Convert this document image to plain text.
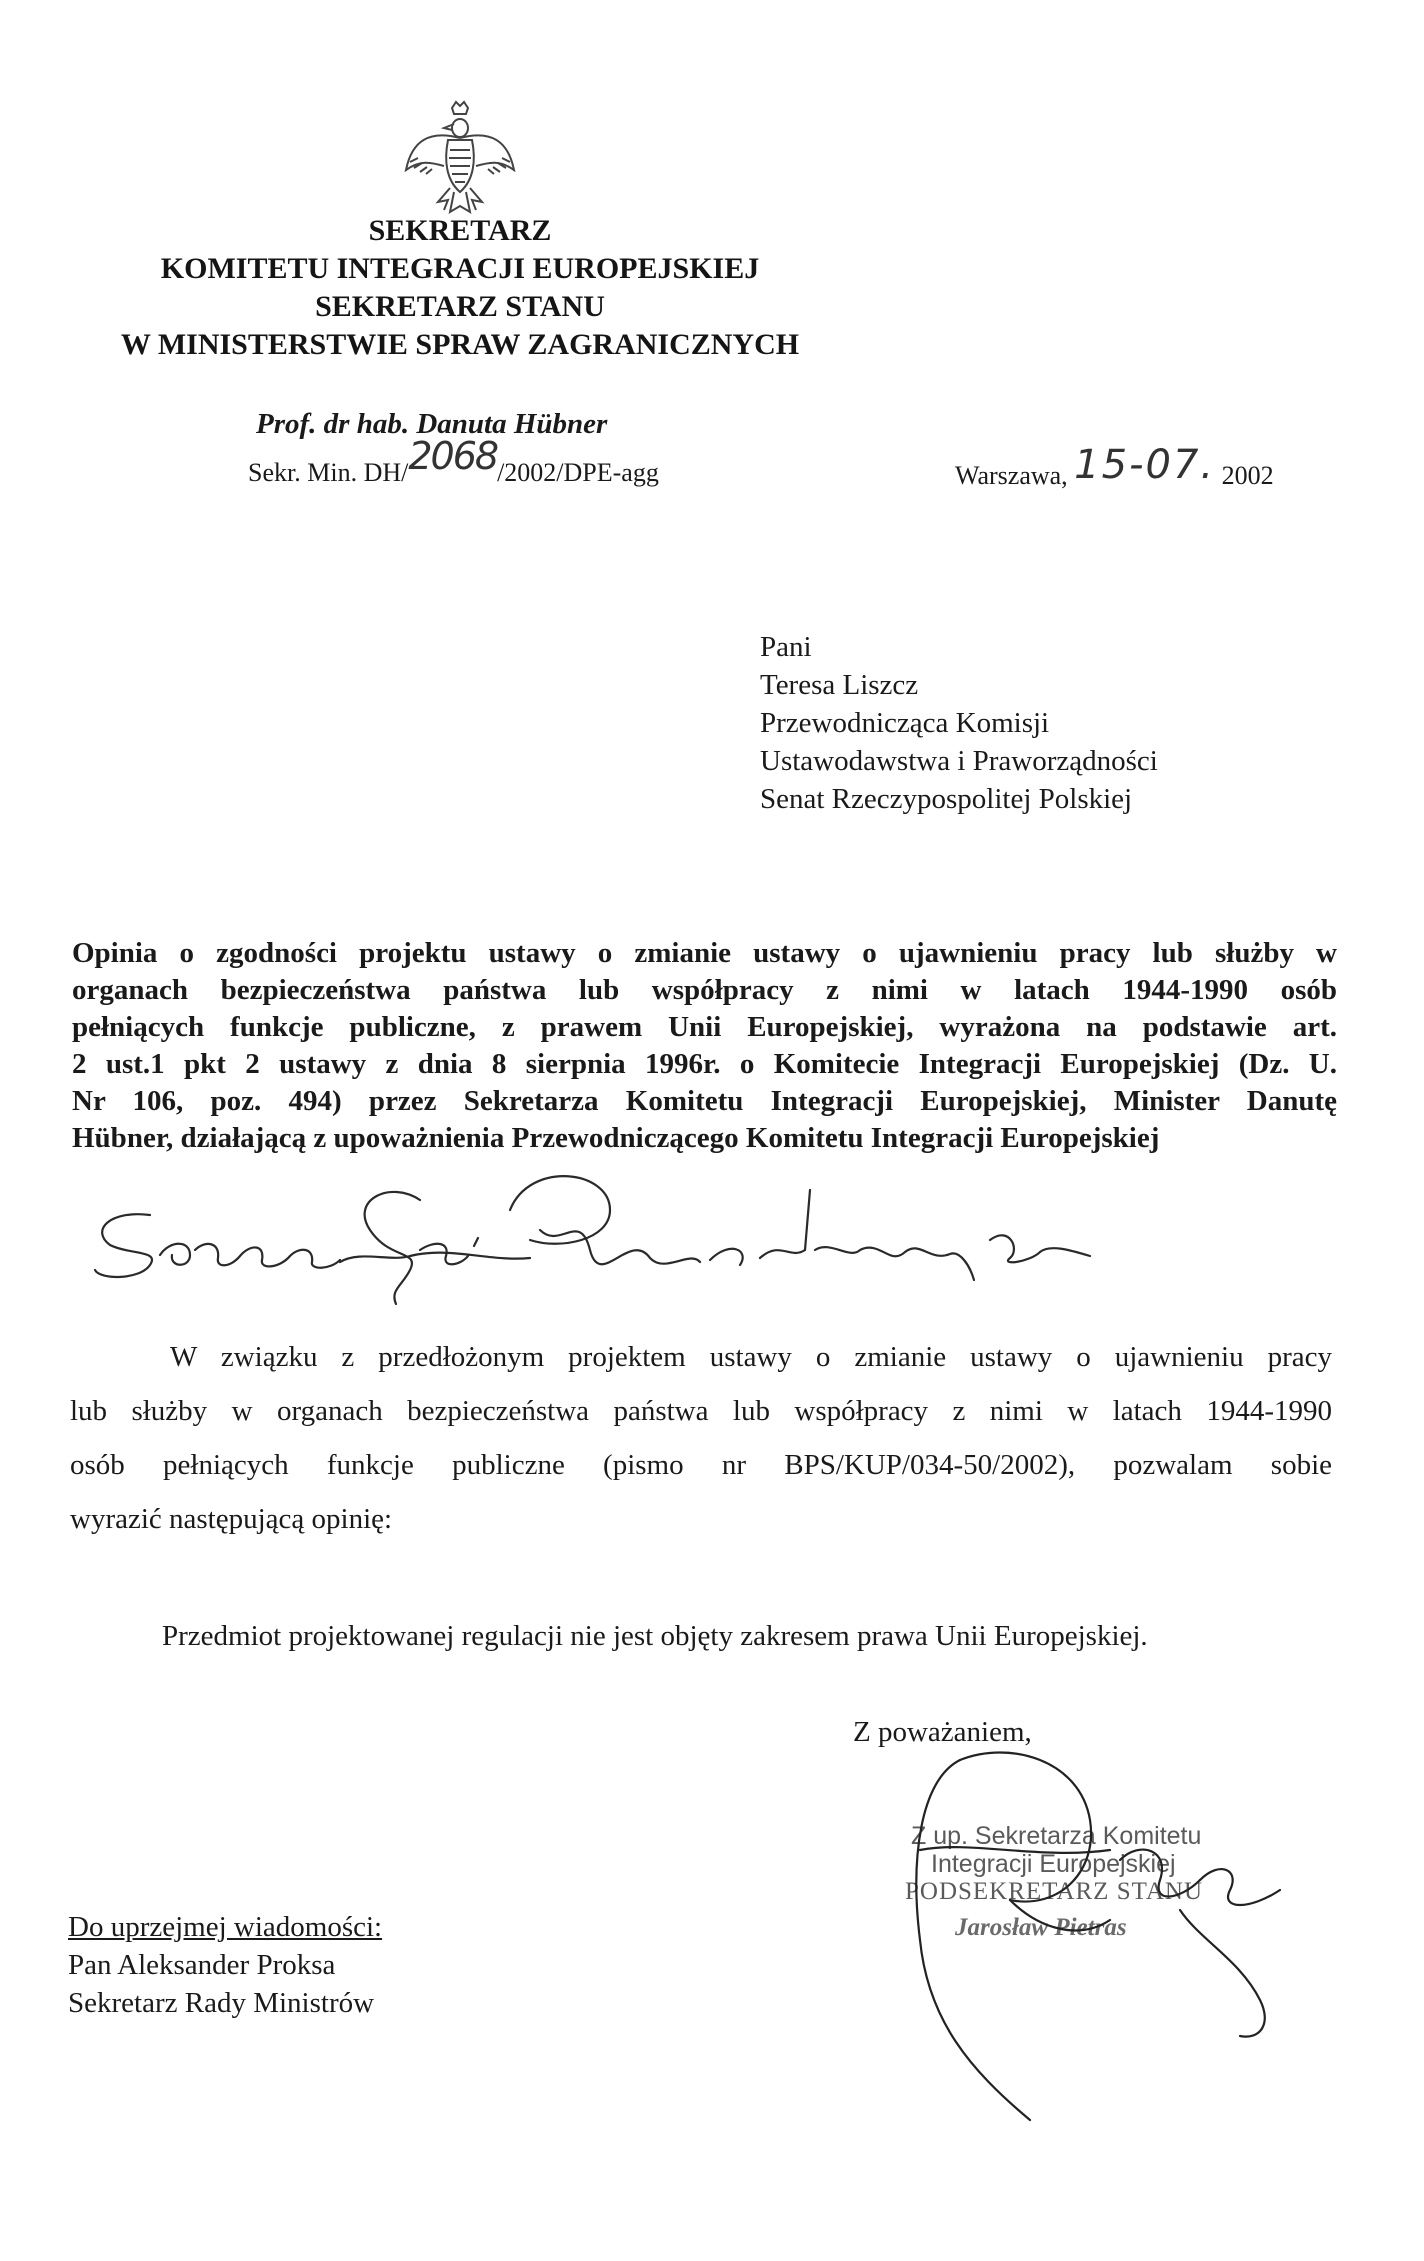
SEKRETARZ
KOMITETU INTEGRACJI EUROPEJSKIEJ
SEKRETARZ STANU
W MINISTERSTWIE SPRAW ZAGRANICZNYCH
Prof. dr hab. Danuta Hübner
Sekr. Min. DH/2068/2002/DPE-agg	Warszawa, 15-07. 2002
Pani
Teresa Liszcz
Przewodnicząca Komisji
Ustawodawstwa i Praworządności
Senat Rzeczypospolitej Polskiej
Opinia o zgodności projektu ustawy o zmianie ustawy o ujawnieniu pracy lub służby w
organach bezpieczeństwa państwa lub współpracy z nimi w latach 1944-1990 osób
pełniących funkcje publiczne, z prawem Unii Europejskiej, wyrażona na podstawie art.
2 ust.1 pkt 2 ustawy z dnia 8 sierpnia 1996r. o Komitecie Integracji Europejskiej (Dz. U.
Nr 106, poz. 494) przez Sekretarza Komitetu Integracji Europejskiej, Minister Danutę
Hübner, działającą z upoważnienia Przewodniczącego Komitetu Integracji Europejskiej
W związku z przedłożonym projektem ustawy o zmianie ustawy o ujawnieniu pracy
lub służby w organach bezpieczeństwa państwa lub współpracy z nimi w latach 1944-1990
osób pełniących funkcje publiczne (pismo nr BPS/KUP/034-50/2002), pozwalam sobie
wyrazić następującą opinię:
Przedmiot projektowanej regulacji nie jest objęty zakresem prawa Unii Europejskiej.
Z poważaniem,
Z up. Sekretarza Komitetu
Integracji Europejskiej
PODSEKRETARZ STANU
Jarosław Pietras
Do uprzejmej wiadomości:
Pan Aleksander Proksa
Sekretarz Rady Ministrów
